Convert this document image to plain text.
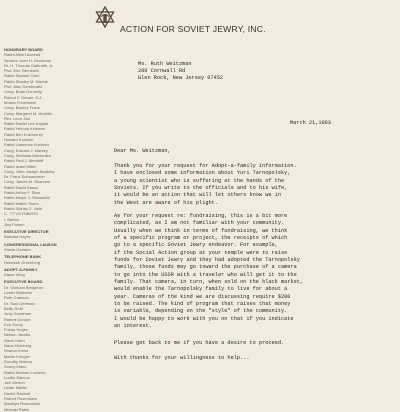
ACTION FOR SOVIET JEWRY, INC.
HONORARY BOARD
Rabbi Albert Axelrad
Senator Joan H. Deckman
Dr. H. Thomas Galbraith, Jr.
Prof. Eliz. Bernstein
Rabbi Samuel Chiel
Rabbi Stanley M. Davids
Prof. Alan Dershowitz
Cong. Brian Donnelly
Robert F. Drinan, S.J.
Moses Feuerstein
Cong. Barney Frank
Cong. Margaret M. Heckler
Rev. Leon Jick
Rabbi Daniel Lee Kaplan
Rabbi Yehuda Kelemer
Rabbi Ben Kushnerey
Howard Kushner
Rabbi Lawrence Kushner
Cong. Edward J. Markey
Cong. Nicholas Mavroules
Rabbi Paul J. Menitoff
Rabbi Israel Miller
Cong. John Joseph Moakley
Dr. Franz Schwarzman
Cong. James M. Shannon
Rabbi David Sasso
Rabbi Arthur F. Starr
Rabbi Meyer J. Strassfeld
Rabbi Walter Storm
Rabbi Sidney Z. Vinik
C. '77 VOYNBERG
I. Barton
Jiny Polsen
EXECUTIVE DIRECTOR
Barbara Hayes
CONGRESSIONAL LIAISON
Sheila Garland
TELEPHONE BANK
Rebekah Greenberg
ADOPT-A-FAMILY
Diana Wing
EXECUTIVE BOARD
Dr. Sheldon Benjamin
Lester Brisbane
Ruth Cranson
Dr. Saul Derfman
Betty Gold
Judy Goodman
Robert Gordon
Eva Gorny
Frieda Horjen
Nelson Jacobs
Steve Kahn
Nava Kleinberg
Sharon Kress
Martin Kringler
Dorothy Marcus
Sonny Mann
Rabbi Michael Luckens
Lucille Marcus
Joel Meiron
Leslie Martel
Daniel Rabinet
Robert Rosenstein
Madelyn Rosenstein
Michael Rubin
Ms. Ruth Weitzman
286 Cornwall Rd
Glen Rock, New Jersey 07452
March 21,1983
Dear Ms. Weitzman,
Thank you for your request for Adopt-a-family information.
I have enclosed some information about Yuri Tarnopolsky,
a young scientist who is suffering at the hands of the
Soviets. If you write to the officials and to his wife,
it would be an action that will let others know we in
the West are aware of his plight.
As for your request re: fundraising, this is a bit more
complicated, as I am not familiar with your community.
Usually when we think in terms of fundraising, we think
of a specific program or project, the receipts of which
go to a specific Soviet Jewry endeavor. For example,
if the Social Action group at your temple were to raise
funds for Soviet Jewry and they had adopted the Tarnopolsky
family, those funds may go toward the purchase of a camera
to go into the USSR with a traveler who will get it to the
family. That camera, in turn, when sold on the black market,
would enable the Tarnopolsky family to live for about a
year. Cameras of the kind we are discussing require $200
to be raised. The kind of program that raises that money
is variable, depending on the "style" of the community.
I would be happy to work with you on that if you indicate
an interest.
Please get back to me if you have a desire to proceed.
With thanks for your willingness to help...
